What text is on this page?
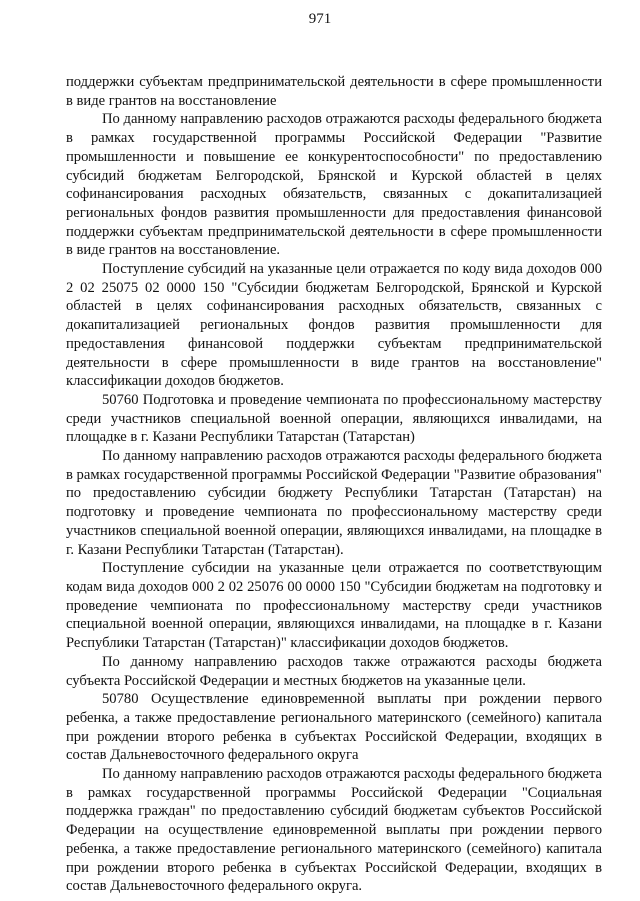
971

поддержки субъектам предпринимательской деятельности в сфере промышленности в виде грантов на восстановление

По данному направлению расходов отражаются расходы федерального бюджета в рамках государственной программы Российской Федерации "Развитие промышленности и повышение ее конкурентоспособности" по предоставлению субсидий бюджетам Белгородской, Брянской и Курской областей в целях софинансирования расходных обязательств, связанных с докапитализацией региональных фондов развития промышленности для предоставления финансовой поддержки субъектам предпринимательской деятельности в сфере промышленности в виде грантов на восстановление.

Поступление субсидий на указанные цели отражается по коду вида доходов 000 2 02 25075 02 0000 150 "Субсидии бюджетам Белгородской, Брянской и Курской областей в целях софинансирования расходных обязательств, связанных с докапитализацией региональных фондов развития промышленности для предоставления финансовой поддержки субъектам предпринимательской деятельности в сфере промышленности в виде грантов на восстановление" классификации доходов бюджетов.

50760 Подготовка и проведение чемпионата по профессиональному мастерству среди участников специальной военной операции, являющихся инвалидами, на площадке в г. Казани Республики Татарстан (Татарстан)

По данному направлению расходов отражаются расходы федерального бюджета в рамках государственной программы Российской Федерации "Развитие образования" по предоставлению субсидии бюджету Республики Татарстан (Татарстан) на подготовку и проведение чемпионата по профессиональному мастерству среди участников специальной военной операции, являющихся инвалидами, на площадке в г. Казани Республики Татарстан (Татарстан).

Поступление субсидии на указанные цели отражается по соответствующим кодам вида доходов 000 2 02 25076 00 0000 150 "Субсидии бюджетам на подготовку и проведение чемпионата по профессиональному мастерству среди участников специальной военной операции, являющихся инвалидами, на площадке в г. Казани Республики Татарстан (Татарстан)" классификации доходов бюджетов.

По данному направлению расходов также отражаются расходы бюджета субъекта Российской Федерации и местных бюджетов на указанные цели.

50780 Осуществление единовременной выплаты при рождении первого ребенка, а также предоставление регионального материнского (семейного) капитала при рождении второго ребенка в субъектах Российской Федерации, входящих в состав Дальневосточного федерального округа

По данному направлению расходов отражаются расходы федерального бюджета в рамках государственной программы Российской Федерации "Социальная поддержка граждан" по предоставлению субсидий бюджетам субъектов Российской Федерации на осуществление единовременной выплаты при рождении первого ребенка, а также предоставление регионального материнского (семейного) капитала при рождении второго ребенка в субъектах Российской Федерации, входящих в состав Дальневосточного федерального округа.
